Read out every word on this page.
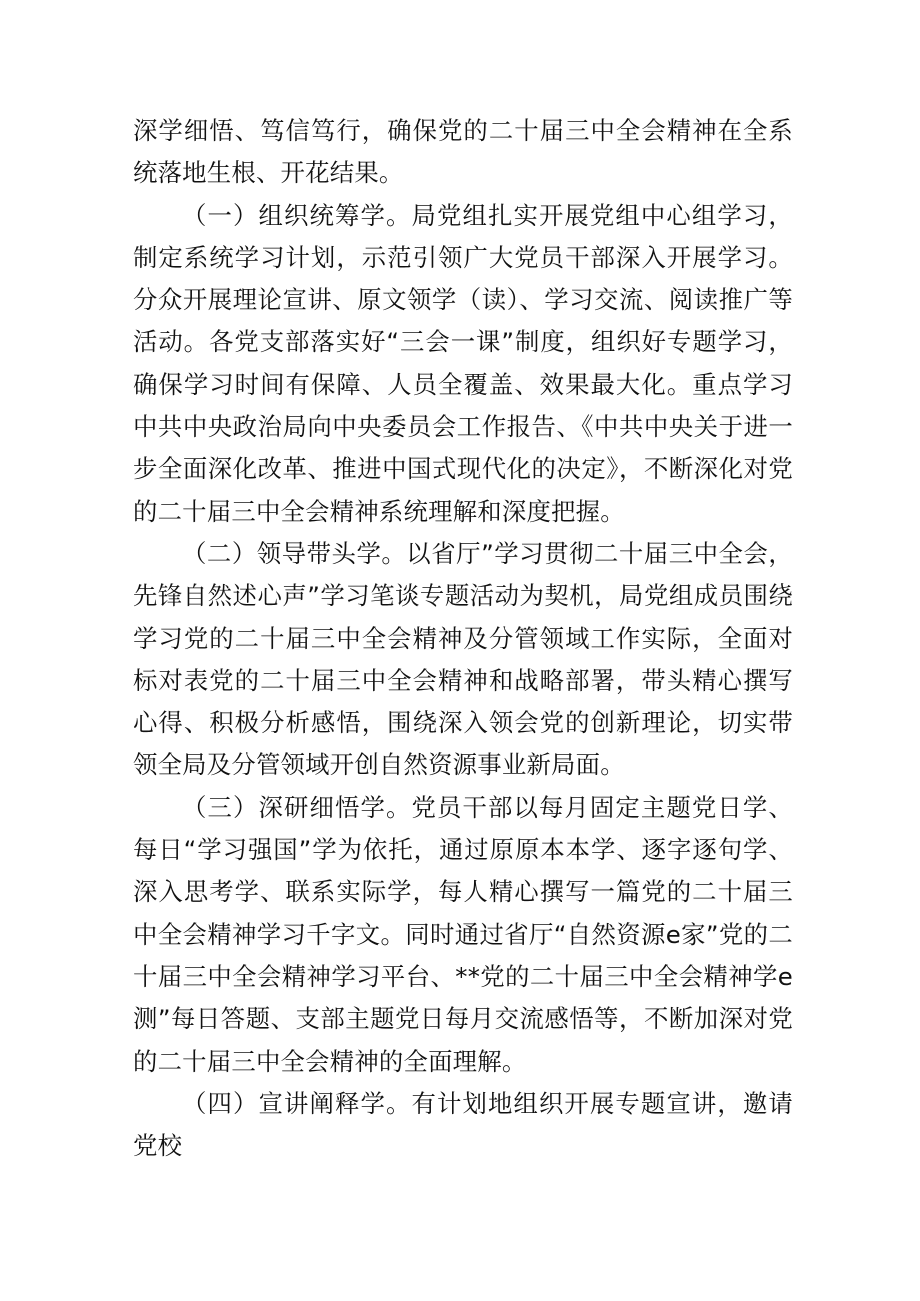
深学细悟、笃信笃行，确保党的二十届三中全会精神在全系统落地生根、开花结果。

（一）组织统筹学。局党组扎实开展党组中心组学习，制定系统学习计划，示范引领广大党员干部深入开展学习。分众开展理论宣讲、原文领学（读）、学习交流、阅读推广等活动。各党支部落实好“三会一课”制度，组织好专题学习，确保学习时间有保障、人员全覆盖、效果最大化。重点学习中共中央政治局向中央委员会工作报告、《中共中央关于进一步全面深化改革、推进中国式现代化的决定》，不断深化对党的二十届三中全会精神系统理解和深度把握。

（二）领导带头学。以省厅”学习贯彻二十届三中全会，先锋自然述心声”学习笔谈专题活动为契机，局党组成员围绕学习党的二十届三中全会精神及分管领域工作实际，全面对标对表党的二十届三中全会精神和战略部署，带头精心撰写心得、积极分析感悟，围绕深入领会党的创新理论，切实带领全局及分管领域开创自然资源事业新局面。

（三）深研细悟学。党员干部以每月固定主题党日学、每日“学习强国”学为依托，通过原原本本学、逐字逐句学、深入思考学、联系实际学，每人精心撰写一篇党的二十届三中全会精神学习千字文。同时通过省厅“自然资源e家”党的二十届三中全会精神学习平台、**党的二十届三中全会精神学e测”每日答题、支部主题党日每月交流感悟等，不断加深对党的二十届三中全会精神的全面理解。

（四）宣讲阐释学。有计划地组织开展专题宣讲，邀请党校
